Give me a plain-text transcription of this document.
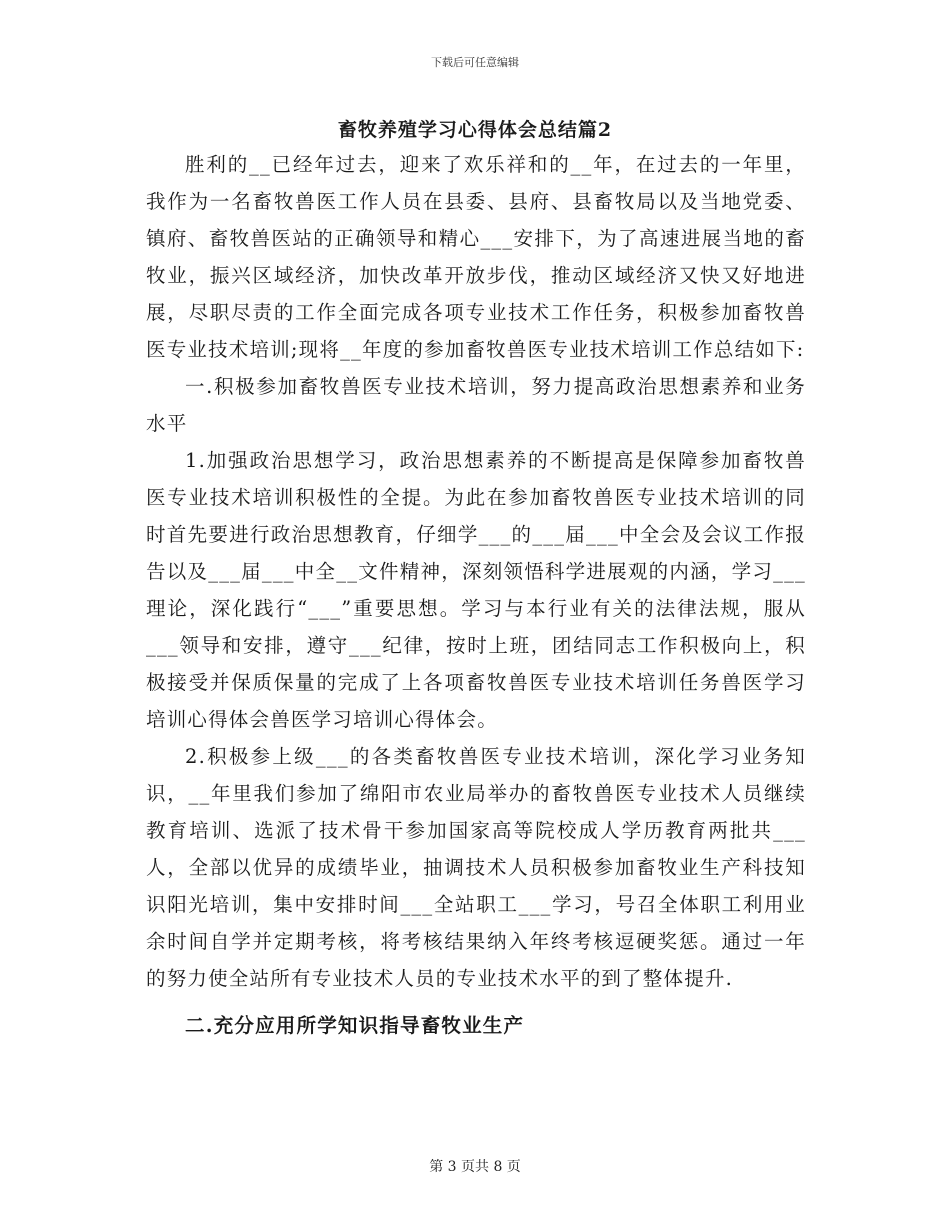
下载后可任意编辑
畜牧养殖学习心得体会总结篇2

胜利的__已经年过去，迎来了欢乐祥和的__年，在过去的一年里，我作为一名畜牧兽医工作人员在县委、县府、县畜牧局以及当地党委、镇府、畜牧兽医站的正确领导和精心___安排下，为了高速进展当地的畜牧业，振兴区域经济，加快改革开放步伐，推动区域经济又快又好地进展，尽职尽责的工作全面完成各项专业技术工作任务，积极参加畜牧兽医专业技术培训;现将__年度的参加畜牧兽医专业技术培训工作总结如下:

一.积极参加畜牧兽医专业技术培训，努力提高政治思想素养和业务水平

1.加强政治思想学习，政治思想素养的不断提高是保障参加畜牧兽医专业技术培训积极性的全提。为此在参加畜牧兽医专业技术培训的同时首先要进行政治思想教育，仔细学___的___届___中全会及会议工作报告以及___届___中全__文件精神，深刻领悟科学进展观的内涵，学习___理论，深化践行“___”重要思想。学习与本行业有关的法律法规，服从___领导和安排，遵守___纪律，按时上班，团结同志工作积极向上，积极接受并保质保量的完成了上各项畜牧兽医专业技术培训任务兽医学习培训心得体会兽医学习培训心得体会。

2.积极参上级___的各类畜牧兽医专业技术培训，深化学习业务知识，__年里我们参加了绵阳市农业局举办的畜牧兽医专业技术人员继续教育培训、选派了技术骨干参加国家高等院校成人学历教育两批共___人，全部以优异的成绩毕业，抽调技术人员积极参加畜牧业生产科技知识阳光培训，集中安排时间___全站职工___学习，号召全体职工利用业余时间自学并定期考核，将考核结果纳入年终考核逗硬奖惩。通过一年的努力使全站所有专业技术人员的专业技术水平的到了整体提升.

二.充分应用所学知识指导畜牧业生产

第 3 页共 8 页
